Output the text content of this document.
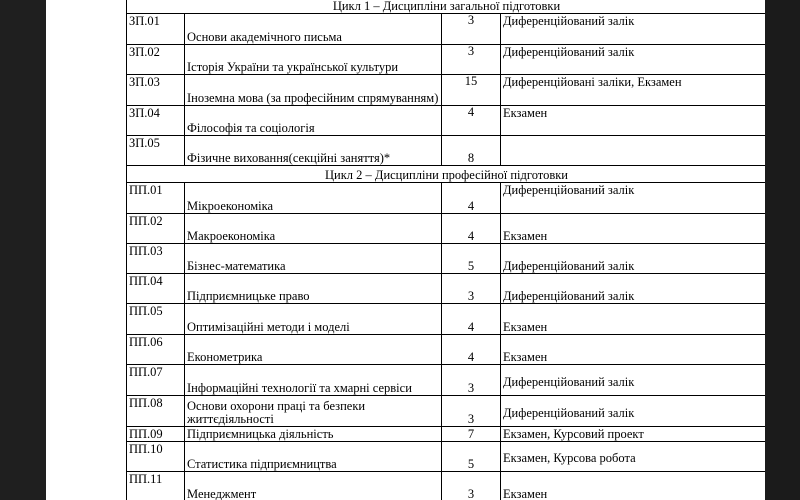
Цикл 1 – Дисципліни загальної підготовки			
ЗП.01	Основи академічного письма	3	Диференційований залік
ЗП.02	Історія України та української культури	3	Диференційований залік
ЗП.03	Іноземна мова (за професійним спрямуванням)	15	Диференційовані заліки, Екзамен
ЗП.04	Філософія та соціологія	4	Екзамен
ЗП.05	Фізичне виховання(секційні заняття)*	8	
Цикл 2 – Дисципліни професійної підготовки			
ПП.01	Мікроекономіка	4	Диференційований залік
ПП.02	Макроекономіка	4	Екзамен
ПП.03	Бізнес-математика	5	Диференційований залік
ПП.04	Підприємницьке право	3	Диференційований залік
ПП.05	Оптимізаційні методи і моделі	4	Екзамен
ПП.06	Економетрика	4	Екзамен
ПП.07	Інформаційні технології та хмарні сервіси	3	Диференційований залік
ПП.08	Основи охорони праці та безпеки життєдіяльності	3	Диференційований залік
ПП.09	Підприємницька діяльність	7	Екзамен, Курсовий проект
ПП.10	Статистика підприємництва	5	Екзамен, Курсова робота
ПП.11	Менеджмент	3	Екзамен
